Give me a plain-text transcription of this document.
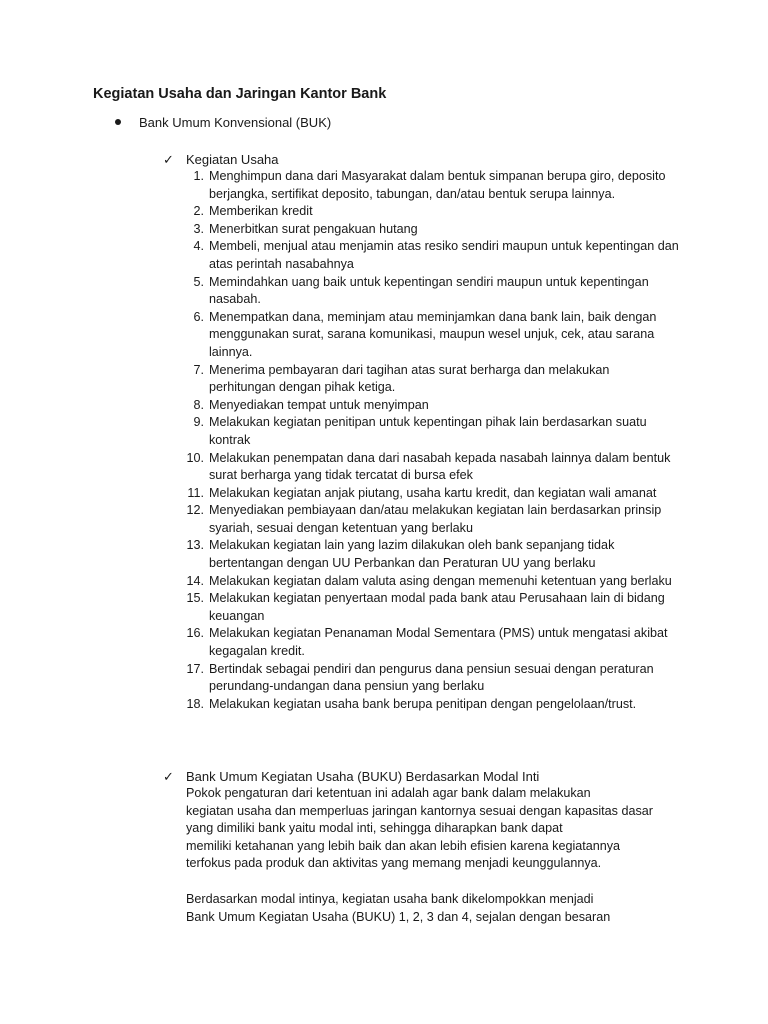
Kegiatan Usaha dan Jaringan Kantor Bank
Bank Umum Konvensional (BUK)
✓ Kegiatan Usaha
1. Menghimpun dana dari Masyarakat dalam bentuk simpanan berupa giro, deposito berjangka, sertifikat deposito, tabungan, dan/atau bentuk serupa lainnya.
2. Memberikan kredit
3. Menerbitkan surat pengakuan hutang
4. Membeli, menjual atau menjamin atas resiko sendiri maupun untuk kepentingan dan atas perintah nasabahnya
5. Memindahkan uang baik untuk kepentingan sendiri maupun untuk kepentingan nasabah.
6. Menempatkan dana, meminjam atau meminjamkan dana bank lain, baik dengan menggunakan surat, sarana komunikasi, maupun wesel unjuk, cek, atau sarana lainnya.
7. Menerima pembayaran dari tagihan atas surat berharga dan melakukan perhitungan dengan pihak ketiga.
8. Menyediakan tempat untuk menyimpan
9. Melakukan kegiatan penitipan untuk kepentingan pihak lain berdasarkan suatu kontrak
10. Melakukan penempatan dana dari nasabah kepada nasabah lainnya dalam bentuk surat berharga yang tidak tercatat di bursa efek
11. Melakukan kegiatan anjak piutang, usaha kartu kredit, dan kegiatan wali amanat
12. Menyediakan pembiayaan dan/atau melakukan kegiatan lain berdasarkan prinsip syariah, sesuai dengan ketentuan yang berlaku
13. Melakukan kegiatan lain yang lazim dilakukan oleh bank sepanjang tidak bertentangan dengan UU Perbankan dan Peraturan UU yang berlaku
14. Melakukan kegiatan dalam valuta asing dengan memenuhi ketentuan yang berlaku
15. Melakukan kegiatan penyertaan modal pada bank atau Perusahaan lain di bidang keuangan
16. Melakukan kegiatan Penanaman Modal Sementara (PMS) untuk mengatasi akibat kegagalan kredit.
17. Bertindak sebagai pendiri dan pengurus dana pensiun sesuai dengan peraturan perundang-undangan dana pensiun yang berlaku
18. Melakukan kegiatan usaha bank berupa penitipan dengan pengelolaan/trust.
✓ Bank Umum Kegiatan Usaha (BUKU) Berdasarkan Modal Inti

Pokok pengaturan dari ketentuan ini adalah agar bank dalam melakukan

kegiatan usaha dan memperluas jaringan kantornya sesuai dengan kapasitas dasar

yang dimiliki bank yaitu modal inti, sehingga diharapkan bank dapat

memiliki ketahanan yang lebih baik dan akan lebih efisien karena kegiatannya

terfokus pada produk dan aktivitas yang memang menjadi keunggulannya.

Berdasarkan modal intinya, kegiatan usaha bank dikelompokkan menjadi

Bank Umum Kegiatan Usaha (BUKU) 1, 2, 3 dan 4, sejalan dengan besaran
